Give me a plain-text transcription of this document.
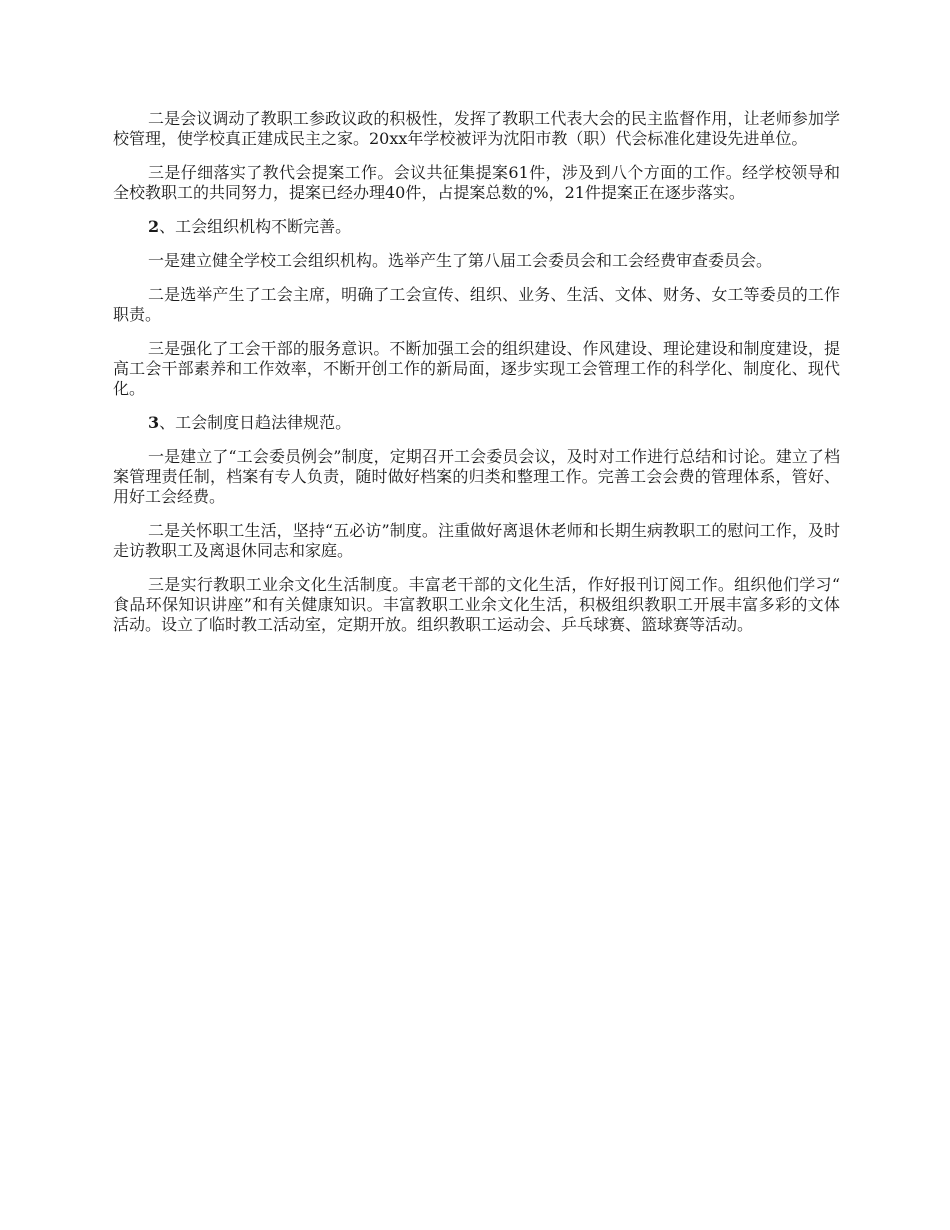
二是会议调动了教职工参政议政的积极性，发挥了教职工代表大会的民主监督作用，让老师参加学校管理，使学校真正建成民主之家。20xx年学校被评为沈阳市教（职）代会标准化建设先进单位。

三是仔细落实了教代会提案工作。会议共征集提案61件，涉及到八个方面的工作。经学校领导和全校教职工的共同努力，提案已经办理40件，占提案总数的%，21件提案正在逐步落实。

2、工会组织机构不断完善。

一是建立健全学校工会组织机构。选举产生了第八届工会委员会和工会经费审查委员会。

二是选举产生了工会主席，明确了工会宣传、组织、业务、生活、文体、财务、女工等委员的工作职责。

三是强化了工会干部的服务意识。不断加强工会的组织建设、作风建设、理论建设和制度建设，提高工会干部素养和工作效率，不断开创工作的新局面，逐步实现工会管理工作的科学化、制度化、现代化。

3、工会制度日趋法律规范。

一是建立了“工会委员例会”制度，定期召开工会委员会议，及时对工作进行总结和讨论。建立了档案管理责任制，档案有专人负责，随时做好档案的归类和整理工作。完善工会会费的管理体系，管好、用好工会经费。

二是关怀职工生活，坚持“五必访”制度。注重做好离退休老师和长期生病教职工的慰问工作，及时走访教职工及离退休同志和家庭。

三是实行教职工业余文化生活制度。丰富老干部的文化生活，作好报刊订阅工作。组织他们学习“食品环保知识讲座”和有关健康知识。丰富教职工业余文化生活，积极组织教职工开展丰富多彩的文体活动。设立了临时教工活动室，定期开放。组织教职工运动会、乒乓球赛、篮球赛等活动。
